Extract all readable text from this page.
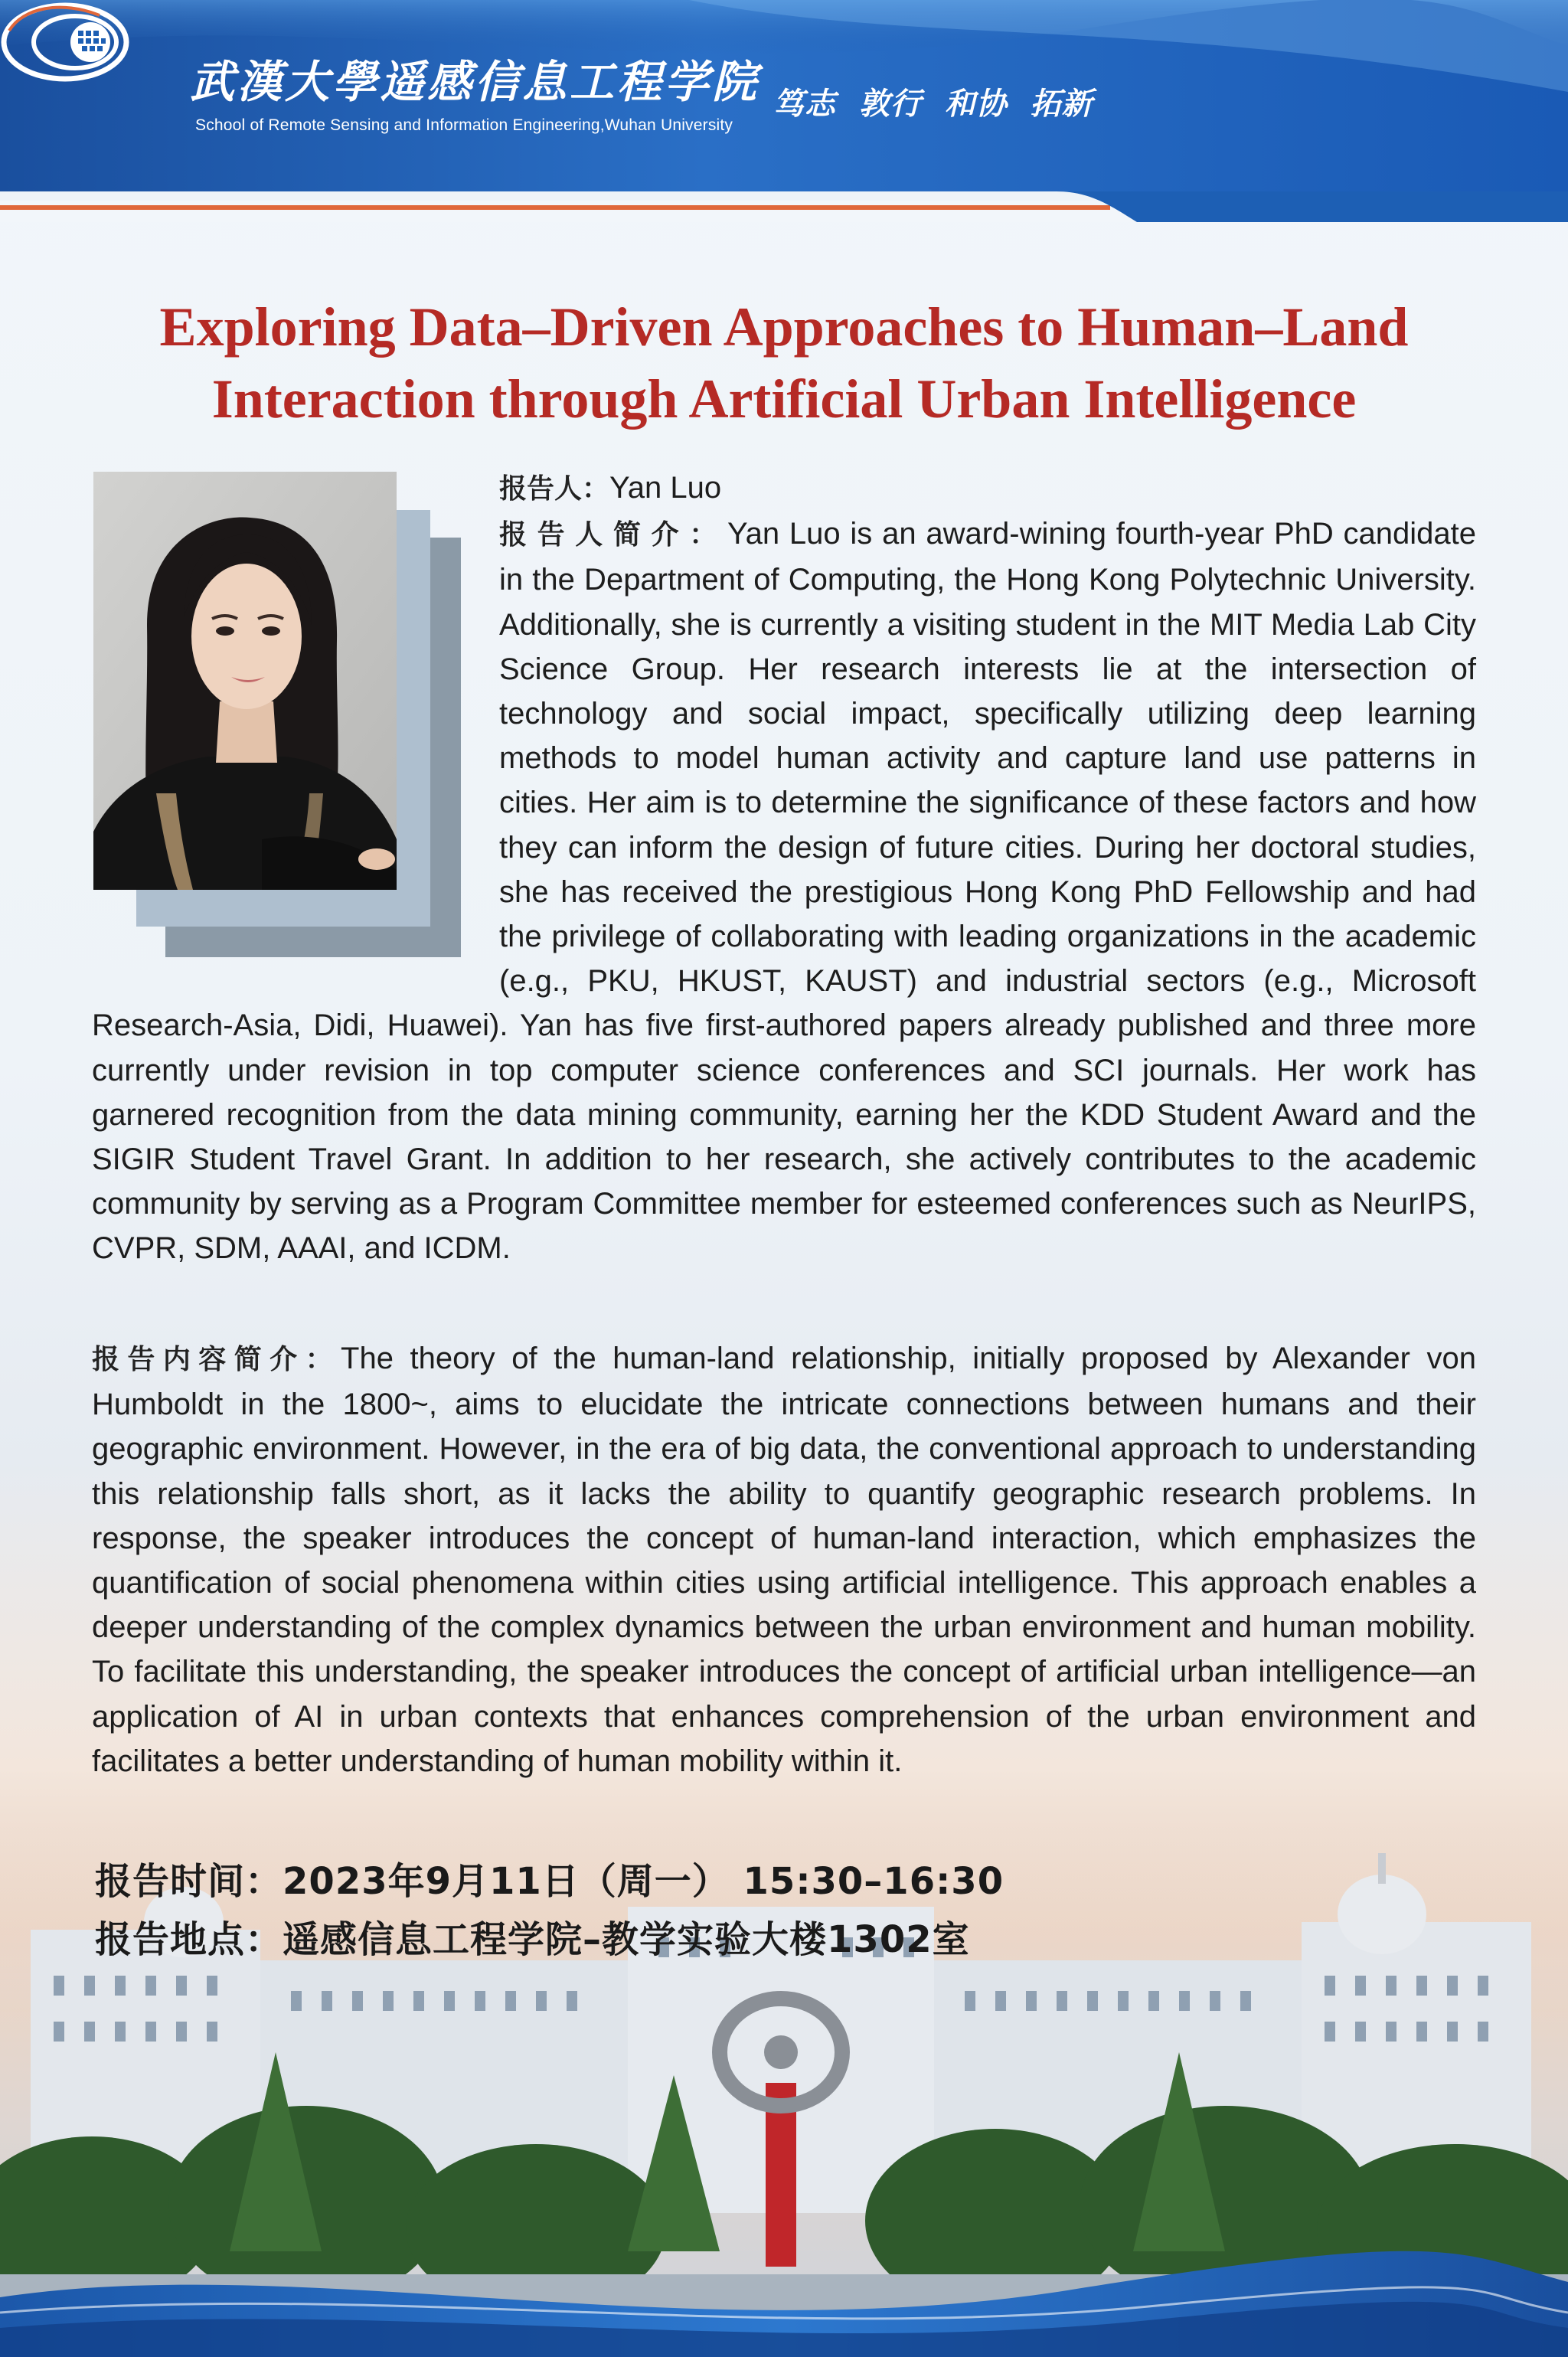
武漢大學遥感信息工程学院
School of Remote Sensing and Information Engineering,Wuhan University
笃志  敦行  和协  拓新
Exploring Data–Driven Approaches to Human–Land
Interaction through Artificial Urban Intelligence

报告人：Yan Luo

报告人简介：Yan Luo is an award-wining fourth-year PhD candidate in the Department of Computing, the Hong Kong Polytechnic University. Additionally, she is currently a visiting student in the MIT Media Lab City Science Group. Her research interests lie at the intersection of technology and social impact, specifically utilizing deep learning methods to model human activity and capture land use patterns in cities. Her aim is to determine the significance of these factors and how they can inform the design of future cities. During her doctoral studies, she has received the prestigious Hong Kong PhD Fellowship and had the privilege of collaborating with leading organizations in the academic (e.g., PKU, HKUST, KAUST) and industrial sectors (e.g., Microsoft Research-Asia, Didi, Huawei). Yan has five first-authored papers already published and three more currently under revision in top computer science conferences and SCI journals. Her work has garnered recognition from the data mining community, earning her the KDD Student Award and the SIGIR Student Travel Grant. In addition to her research, she actively contributes to the academic community by serving as a Program Committee member for esteemed conferences such as NeurIPS, CVPR, SDM, AAAI, and ICDM.

报告内容简介：The theory of the human-land relationship, initially proposed by Alexander von Humboldt in the 1800~, aims to elucidate the intricate connections between humans and their geographic environment. However, in the era of big data, the conventional approach to understanding this relationship falls short, as it lacks the ability to quantify geographic research problems. In response, the speaker introduces the concept of human-land interaction, which emphasizes the quantification of social phenomena within cities using artificial intelligence. This approach enables a deeper understanding of the complex dynamics between the urban environment and human mobility. To facilitate this understanding, the speaker introduces the concept of artificial urban intelligence—an application of AI in urban contexts that enhances comprehension of the urban environment and facilitates a better understanding of human mobility within it.

报告时间：2023年9月11日（周一） 15:30–16:30
报告地点：遥感信息工程学院–教学实验大楼1302室
